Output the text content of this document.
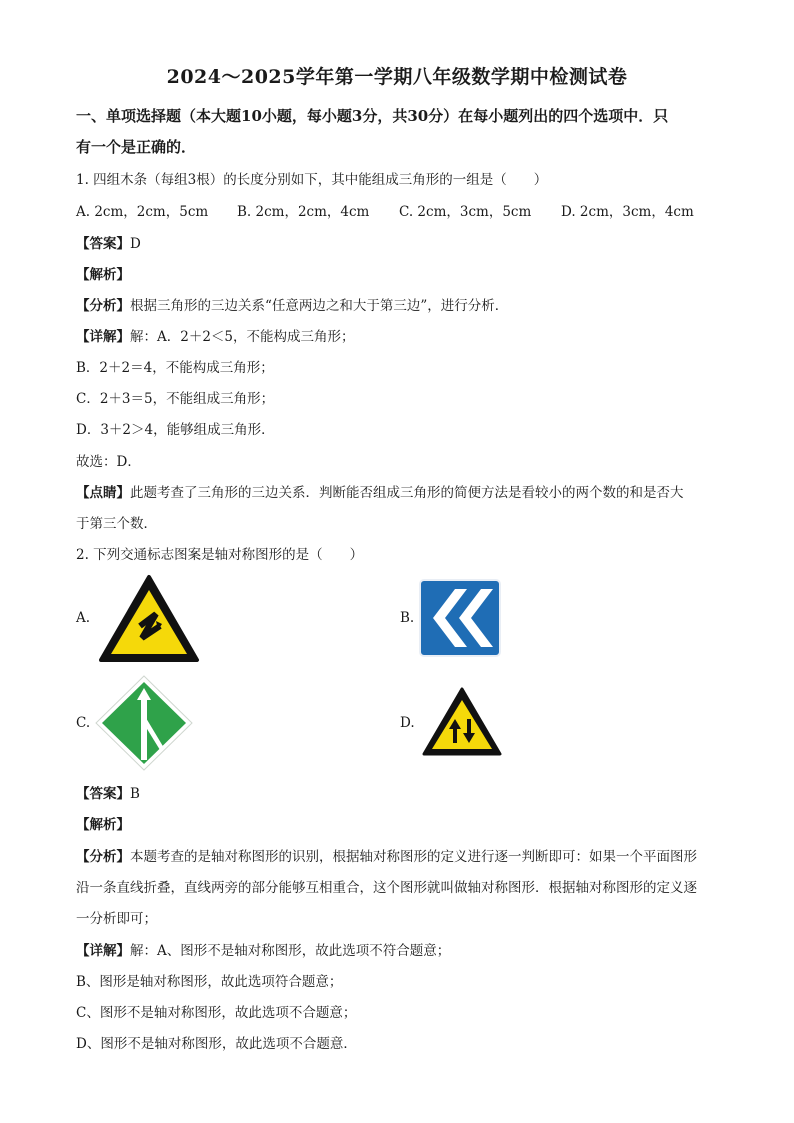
2024～2025学年第一学期八年级数学期中检测试卷
一、单项选择题（本大题10小题，每小题3分，共30分）在每小题列出的四个选项中．只
有一个是正确的．
1. 四组木条（每组3根）的长度分别如下，其中能组成三角形的一组是（　　）
A. 2cm，2cm，5cm B. 2cm，2cm，4cm C. 2cm，3cm，5cm D. 2cm，3cm，4cm
【答案】D
【解析】
【分析】根据三角形的三边关系“任意两边之和大于第三边”，进行分析．
【详解】解：A．2＋2＜5，不能构成三角形；
B．2＋2＝4，不能构成三角形；
C．2＋3＝5，不能组成三角形；
D．3＋2＞4，能够组成三角形．
故选：D．
【点睛】此题考查了三角形的三边关系．判断能否组成三角形的简便方法是看较小的两个数的和是否大
于第三个数．
2. 下列交通标志图案是轴对称图形的是（　　）
A.	B.
C.	D.
【答案】B
【解析】
【分析】本题考查的是轴对称图形的识别，根据轴对称图形的定义进行逐一判断即可：如果一个平面图形
沿一条直线折叠，直线两旁的部分能够互相重合，这个图形就叫做轴对称图形．根据轴对称图形的定义逐
一分析即可；
【详解】解：A、图形不是轴对称图形，故此选项不符合题意；
B、图形是轴对称图形，故此选项符合题意；
C、图形不是轴对称图形，故此选项不合题意；
D、图形不是轴对称图形，故此选项不合题意．
